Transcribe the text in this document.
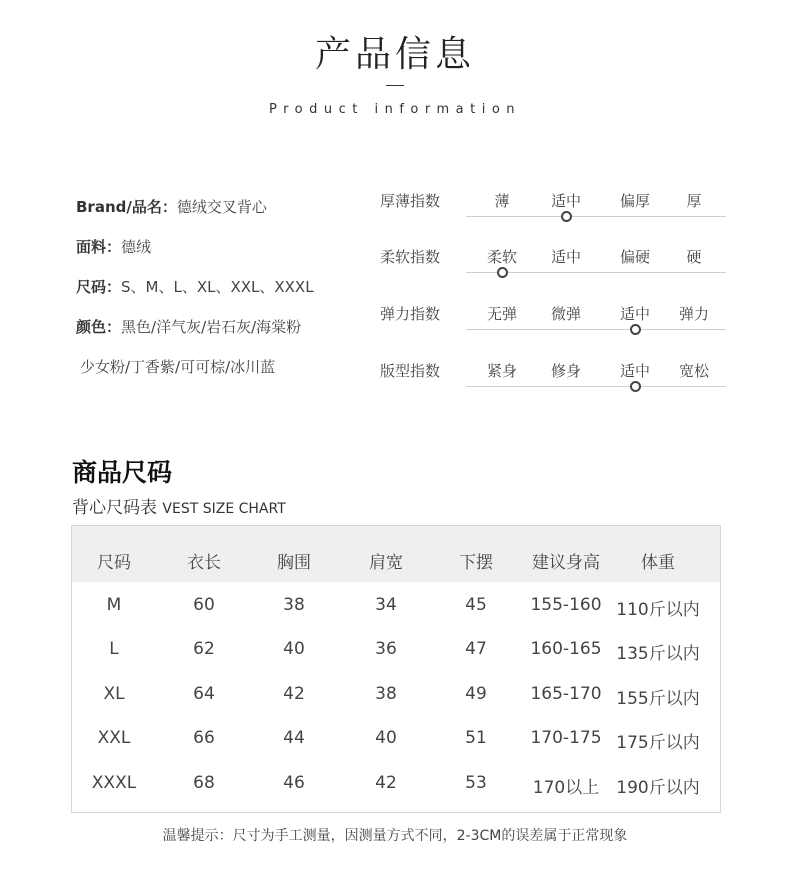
产品信息
Product information
Brand/品名：德绒交叉背心
面料：德绒
尺码：S、M、L、XL、XXL、XXXL
颜色：黑色/洋气灰/岩石灰/海棠粉
少女粉/丁香紫/可可棕/冰川蓝
厚薄指数	薄	适中	偏厚	厚
柔软指数	柔软	适中	偏硬	硬
弹力指数	无弹	微弹	适中	弹力
版型指数	紧身	修身	适中	宽松
商品尺码
背心尺码表 VEST SIZE CHART
尺码	衣长	胸围	肩宽	下摆	建议身高	体重
M	60	38	34	45	155-160 110斤以内
L	62	40	36	47	160-165 135斤以内
XL	64	42	38	49	165-170 155斤以内
XXL	66	44	40	51	170-175 175斤以内
XXXL	68	46	42	53	170以上	190斤以内
温馨提示：尺寸为手工测量，因测量方式不同，2-3CM的误差属于正常现象
